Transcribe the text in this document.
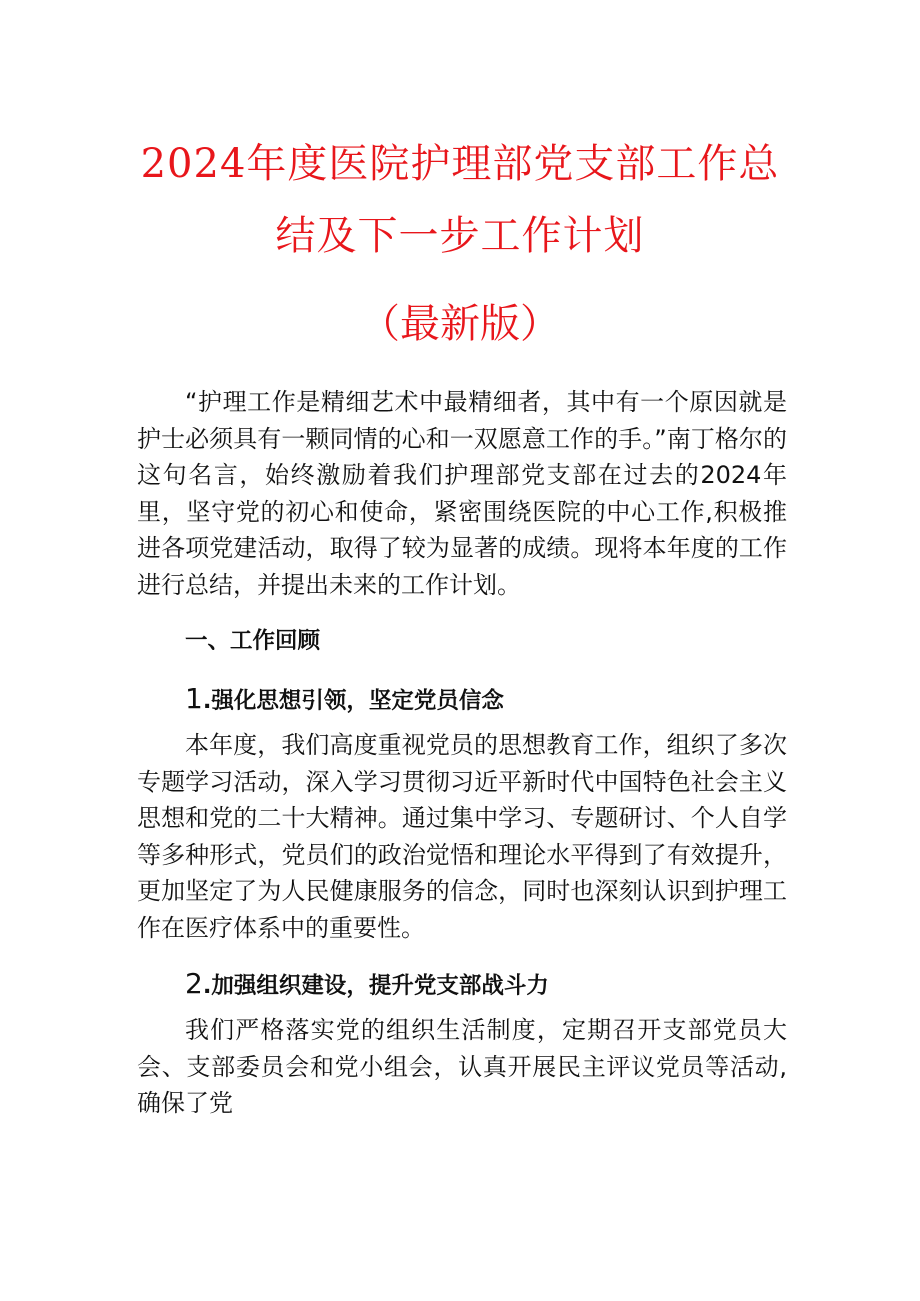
2024年度医院护理部党支部工作总
结及下一步工作计划
（最新版）

“护理工作是精细艺术中最精细者，其中有一个原因就是护士必须具有一颗同情的心和一双愿意工作的手。”南丁格尔的这句名言，始终激励着我们护理部党支部在过去的2024年里，坚守党的初心和使命，紧密围绕医院的中心工作,积极推进各项党建活动，取得了较为显著的成绩。现将本年度的工作进行总结，并提出未来的工作计划。

一、工作回顾
1.强化思想引领，坚定党员信念

本年度，我们高度重视党员的思想教育工作，组织了多次专题学习活动，深入学习贯彻习近平新时代中国特色社会主义思想和党的二十大精神。通过集中学习、专题研讨、个人自学等多种形式，党员们的政治觉悟和理论水平得到了有效提升，更加坚定了为人民健康服务的信念，同时也深刻认识到护理工作在医疗体系中的重要性。

2.加强组织建设，提升党支部战斗力

我们严格落实党的组织生活制度，定期召开支部党员大会、支部委员会和党小组会，认真开展民主评议党员等活动,确保了党
